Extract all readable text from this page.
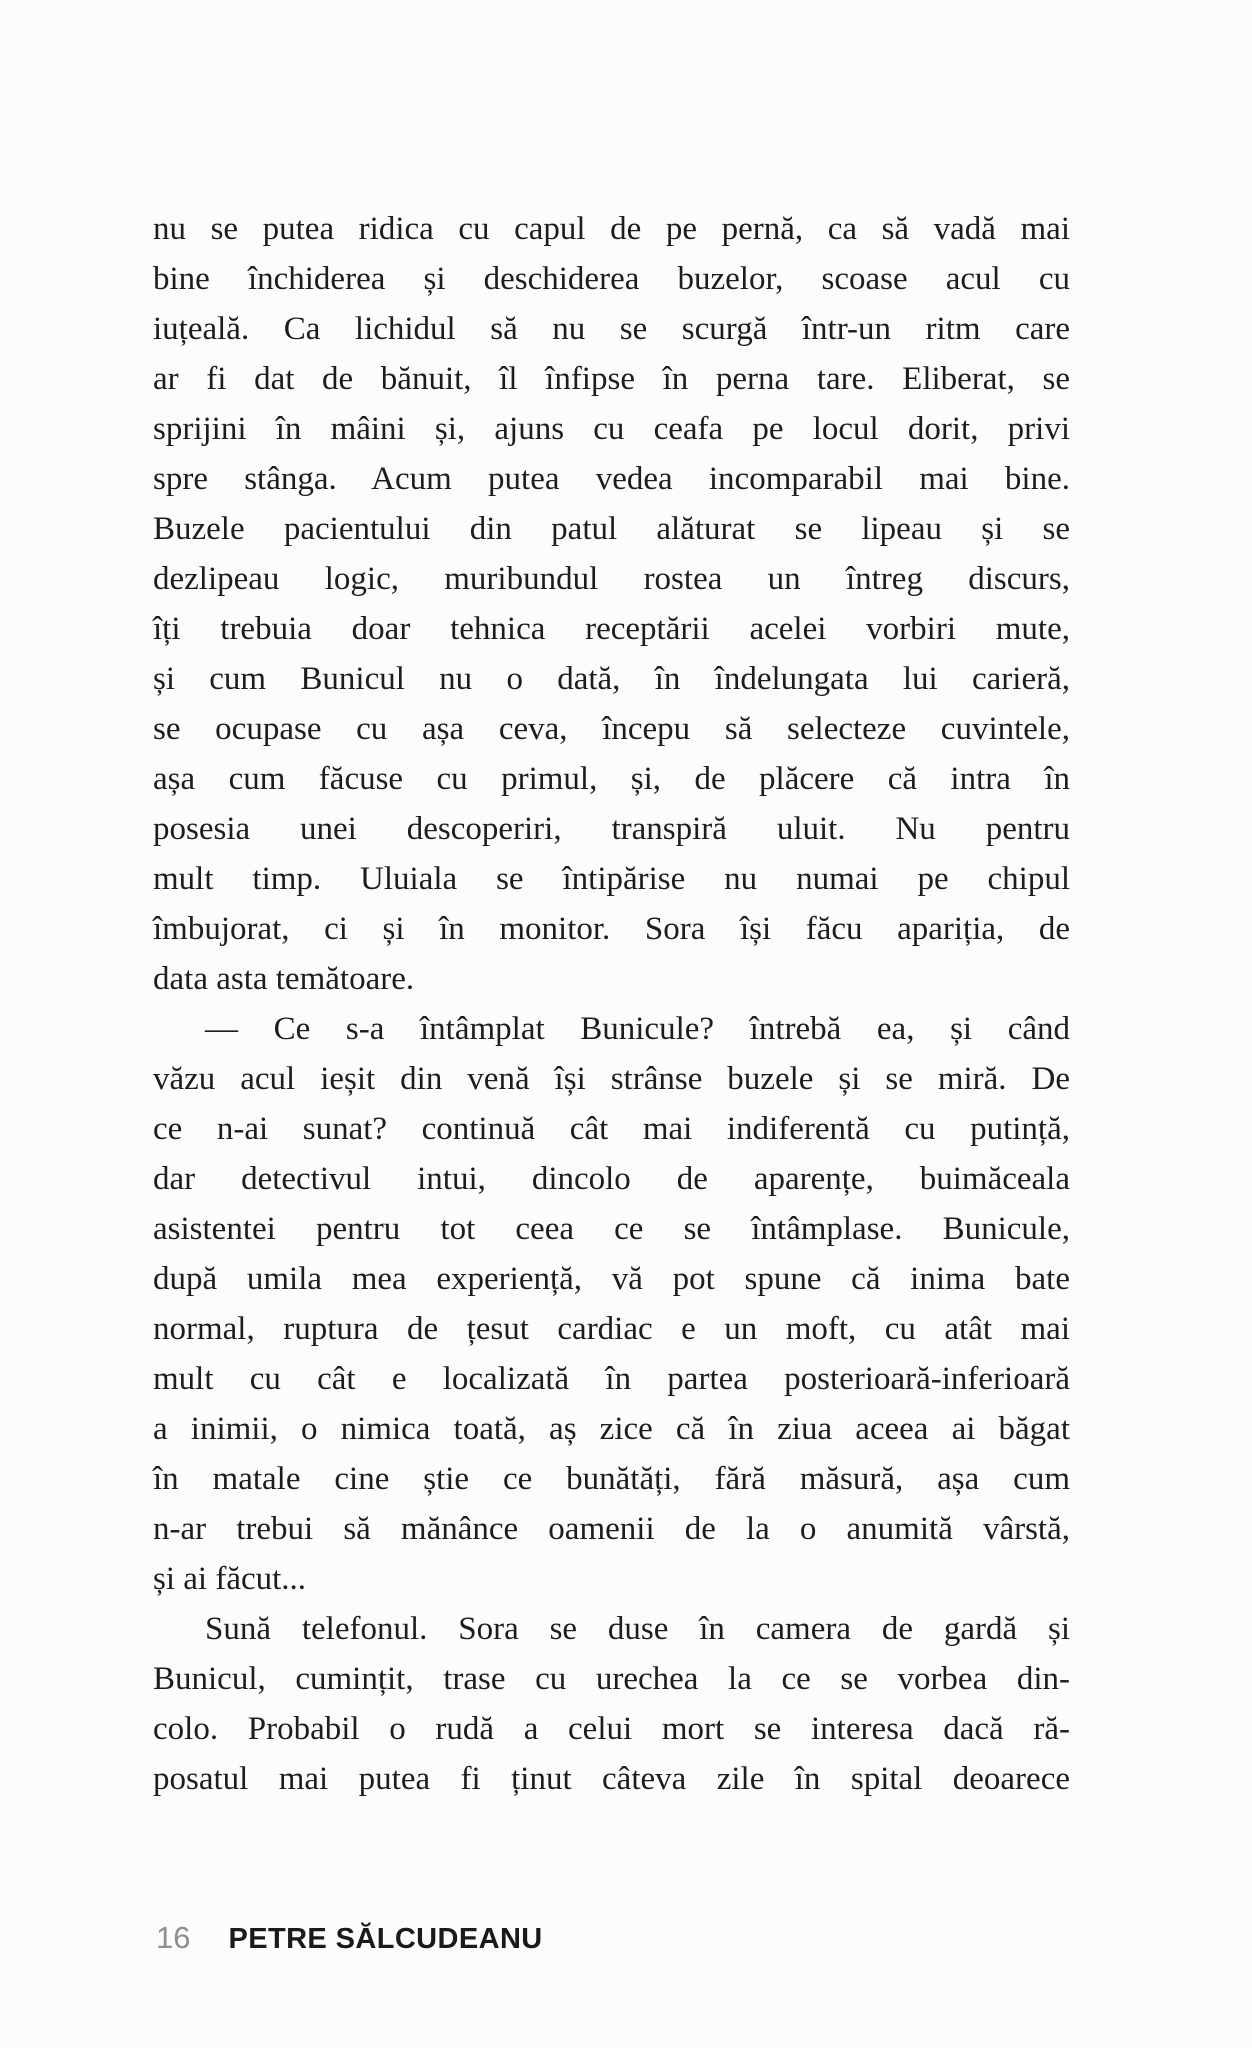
nu se putea ridica cu capul de pe pernă, ca să vadă mai
bine închiderea și deschiderea buzelor, scoase acul cu
iuțeală. Ca lichidul să nu se scurgă într-un ritm care
ar fi dat de bănuit, îl înfipse în perna tare. Eliberat, se
sprijini în mâini și, ajuns cu ceafa pe locul dorit, privi
spre stânga. Acum putea vedea incomparabil mai bine.
Buzele pacientului din patul alăturat se lipeau și se
dezlipeau logic, muribundul rostea un întreg discurs,
îți trebuia doar tehnica receptării acelei vorbiri mute,
și cum Bunicul nu o dată, în îndelungata lui carieră,
se ocupase cu așa ceva, începu să selecteze cuvintele,
așa cum făcuse cu primul, și, de plăcere că intra în
posesia unei descoperiri, transpiră uluit. Nu pentru
mult timp. Uluiala se întipărise nu numai pe chipul
îmbujorat, ci și în monitor. Sora își făcu apariția, de
data asta temătoare.
— Ce s-a întâmplat Bunicule? întrebă ea, și când
văzu acul ieșit din venă își strânse buzele și se miră. De
ce n-ai sunat? continuă cât mai indiferentă cu putință,
dar detectivul intui, dincolo de aparențe, buimăceala
asistentei pentru tot ceea ce se întâmplase. Bunicule,
după umila mea experiență, vă pot spune că inima bate
normal, ruptura de țesut cardiac e un moft, cu atât mai
mult cu cât e localizată în partea posterioară-inferioară
a inimii, o nimica toată, aș zice că în ziua aceea ai băgat
în matale cine știe ce bunătăți, fără măsură, așa cum
n-ar trebui să mănânce oamenii de la o anumită vârstă,
și ai făcut...
Sună telefonul. Sora se duse în camera de gardă și
Bunicul, cumințit, trase cu urechea la ce se vorbea din-
colo. Probabil o rudă a celui mort se interesa dacă ră-
posatul mai putea fi ținut câteva zile în spital deoarece
16 PETRE SĂLCUDEANU
